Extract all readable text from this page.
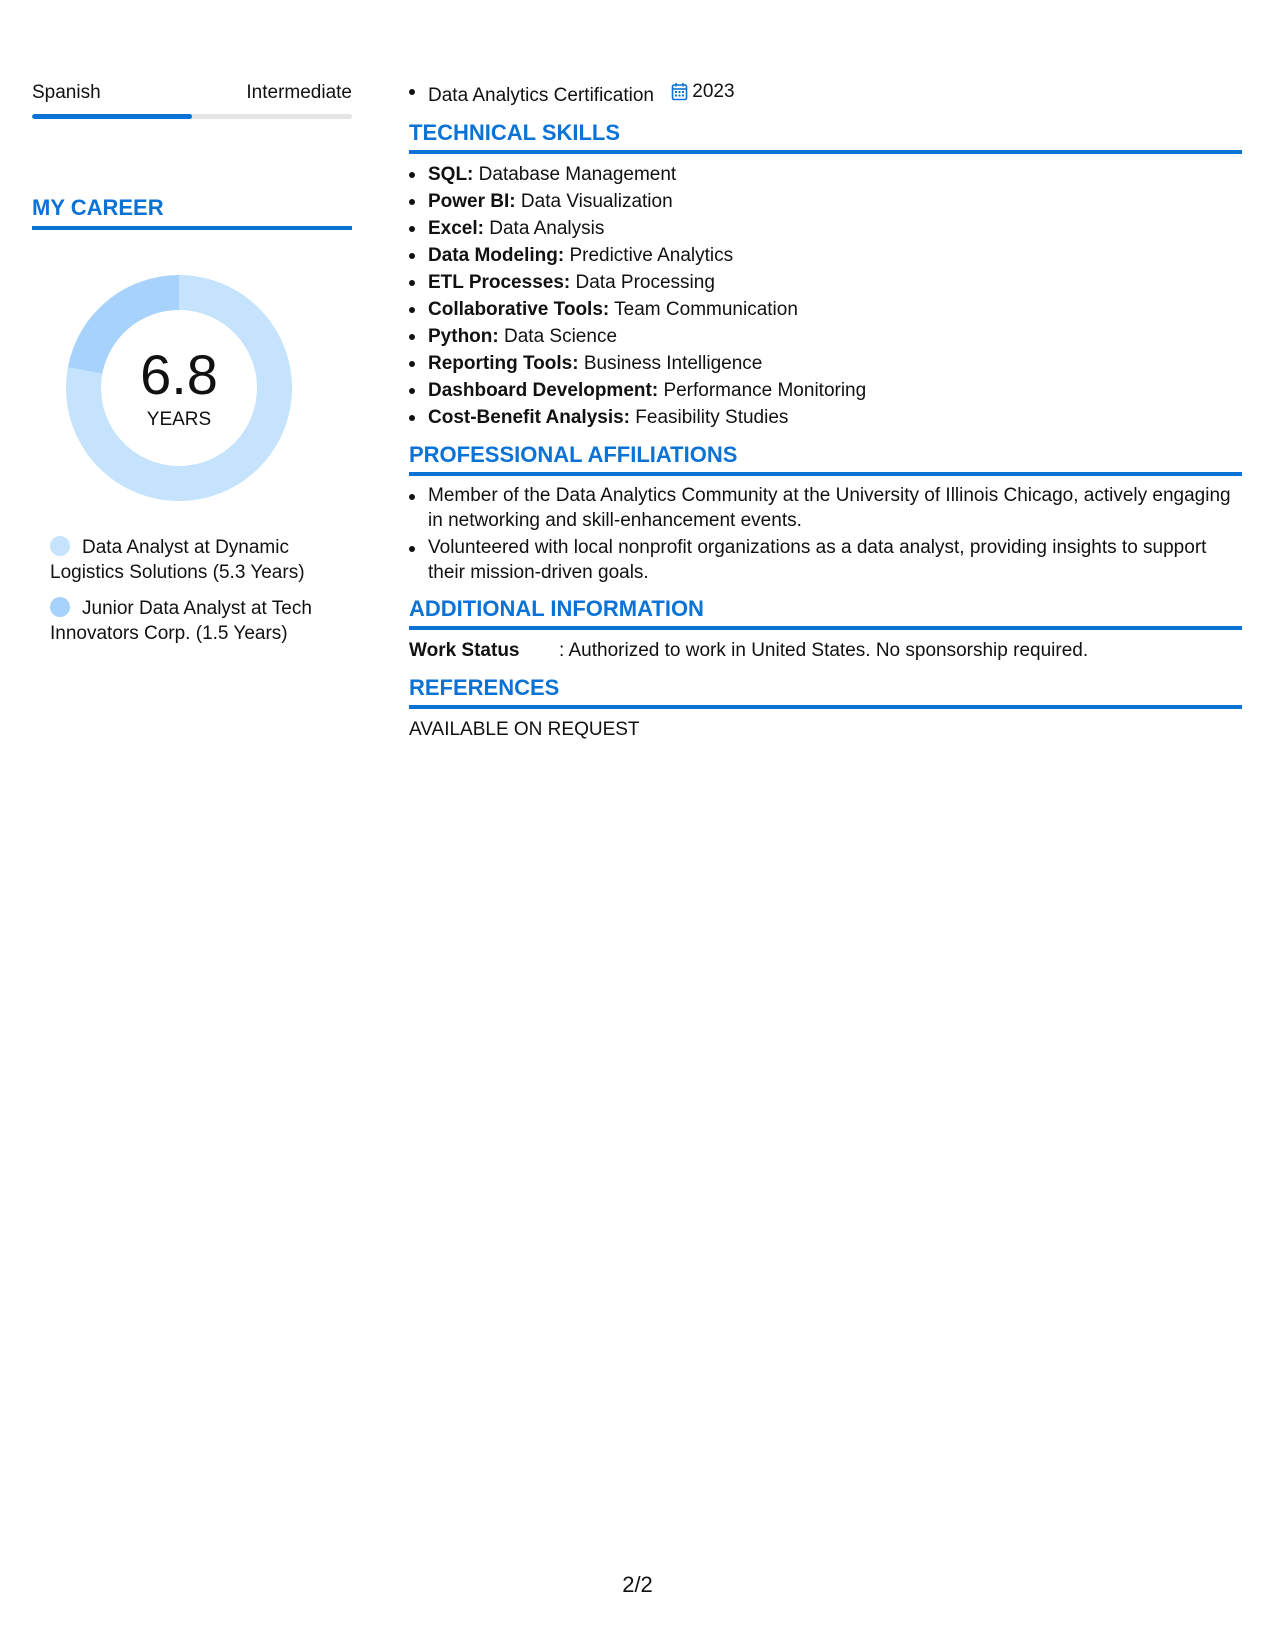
Spanish	Intermediate
MY CAREER
6.8
YEARS
Data Analyst at Dynamic Logistics Solutions (5.3 Years)
Junior Data Analyst at Tech Innovators Corp. (1.5 Years)
Data Analytics Certification 2023
TECHNICAL SKILLS
SQL: Database Management
Power BI: Data Visualization
Excel: Data Analysis
Data Modeling: Predictive Analytics
ETL Processes: Data Processing
Collaborative Tools: Team Communication
Python: Data Science
Reporting Tools: Business Intelligence
Dashboard Development: Performance Monitoring
Cost-Benefit Analysis: Feasibility Studies
PROFESSIONAL AFFILIATIONS
Member of the Data Analytics Community at the University of Illinois Chicago, actively engaging in networking and skill-enhancement events.
Volunteered with local nonprofit organizations as a data analyst, providing insights to support their mission-driven goals.
ADDITIONAL INFORMATION
Work Status	: Authorized to work in United States. No sponsorship required.
REFERENCES
AVAILABLE ON REQUEST
2/2
